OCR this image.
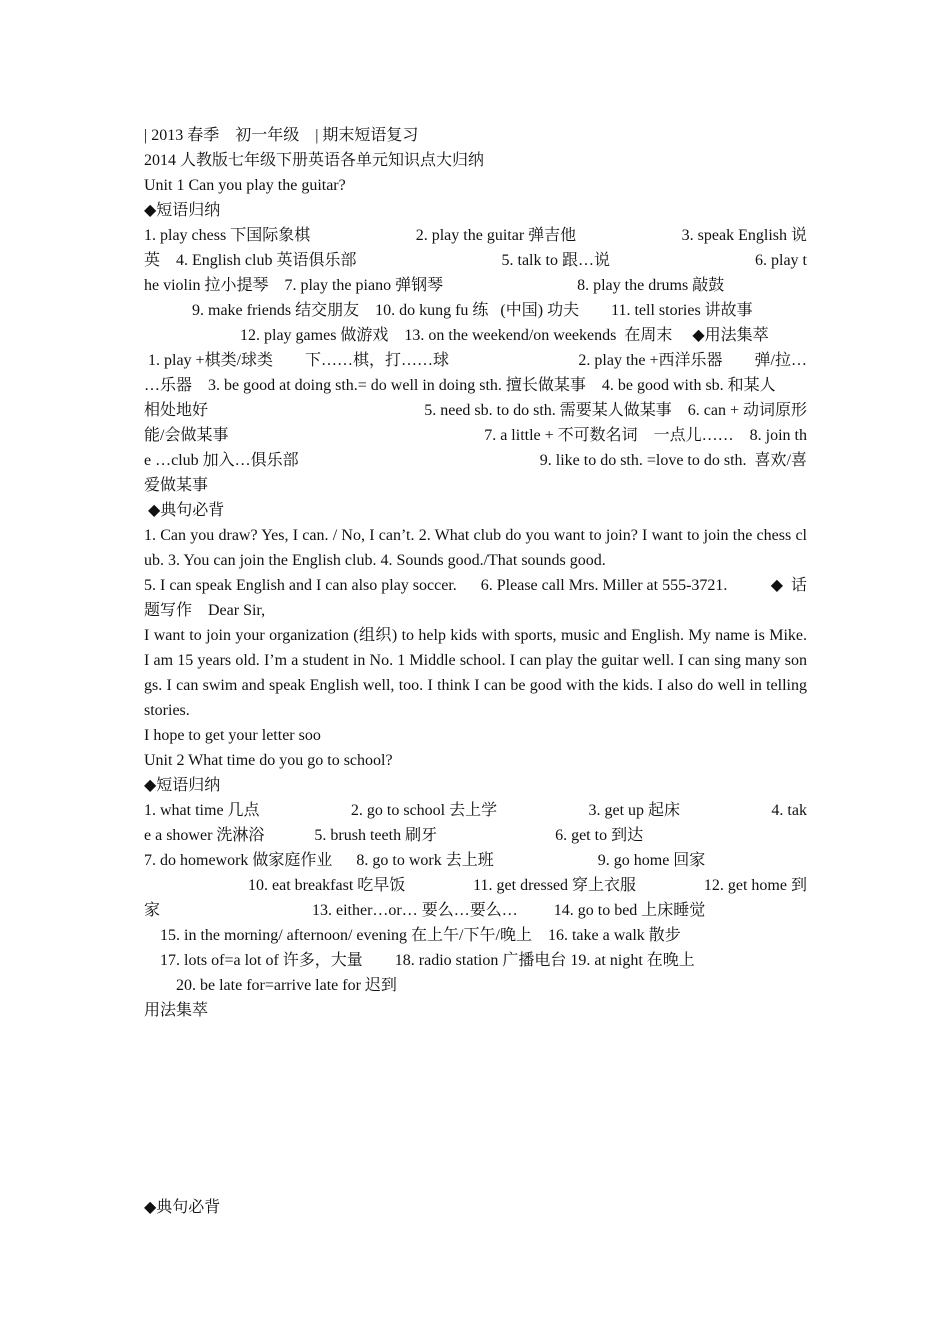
| 2013 春季    初一年级    | 期末短语复习
2014 人教版七年级下册英语各单元知识点大归纳
Unit 1 Can you play the guitar?
◆短语归纳
1. play chess 下国际象棋	2. play the guitar 弹吉他	3. speak English 说
英    4. English club 英语俱乐部	5. talk to 跟…说	6. play t
he violin 拉小提琴    7. play the piano 弹钢琴	8. play the drums 敲鼓
9. make friends 结交朋友    10. do kung fu 练   (中国) 功夫        11. tell stories 讲故事
12. play games 做游戏    13. on the weekend/on weekends  在周末     ◆用法集萃
1. play +棋类/球类        下……棋，打……球	2. play the +西洋乐器        弹/拉…
…乐器    3. be good at doing sth.= do well in doing sth. 擅长做某事    4. be good with sb. 和某人
相处地好	5. need sb. to do sth. 需要某人做某事    6. can + 动词原形
能/会做某事	7. a little + 不可数名词    一点儿……    8. join th
e …club 加入…俱乐部	9. like to do sth. =love to do sth.  喜欢/喜
爱做某事
◆典句必背
1. Can you draw? Yes, I can. / No, I can’t. 2. What club do you want to join? I want to join the chess club. 3. You can join the English club. 4. Sounds good./That sounds good.
5. I can speak English and I can also play soccer.      6. Please call Mrs. Miller at 555-3721.	◆  话
题写作    Dear Sir,
I want to join your organization (组织) to help kids with sports, music and English. My name is Mike. I am 15 years old. I’m a student in No. 1 Middle school. I can play the guitar well. I can sing many songs. I can swim and speak English well, too. I think I can be good with the kids. I also do well in telling stories.
I hope to get your letter soo
Unit 2 What time do you go to school?
◆短语归纳
1. what time 几点	2. go to school 去上学	3. get up 起床	4. tak
e a shower 洗淋浴	5. brush teeth 刷牙	6. get to 到达
7. do homework 做家庭作业      8. go to work 去上班                          9. go home 回家
10. eat breakfast 吃早饭	11. get dressed 穿上衣服	12. get home 到
家                                      13. either…or… 要么…要么…         14. go to bed 上床睡觉
15. in the morning/ afternoon/ evening 在上午/下午/晚上    16. take a walk 散步
17. lots of=a lot of 许多，大量        18. radio station 广播电台 19. at night 在晚上
20. be late for=arrive late for 迟到
用法集萃
◆典句必背
